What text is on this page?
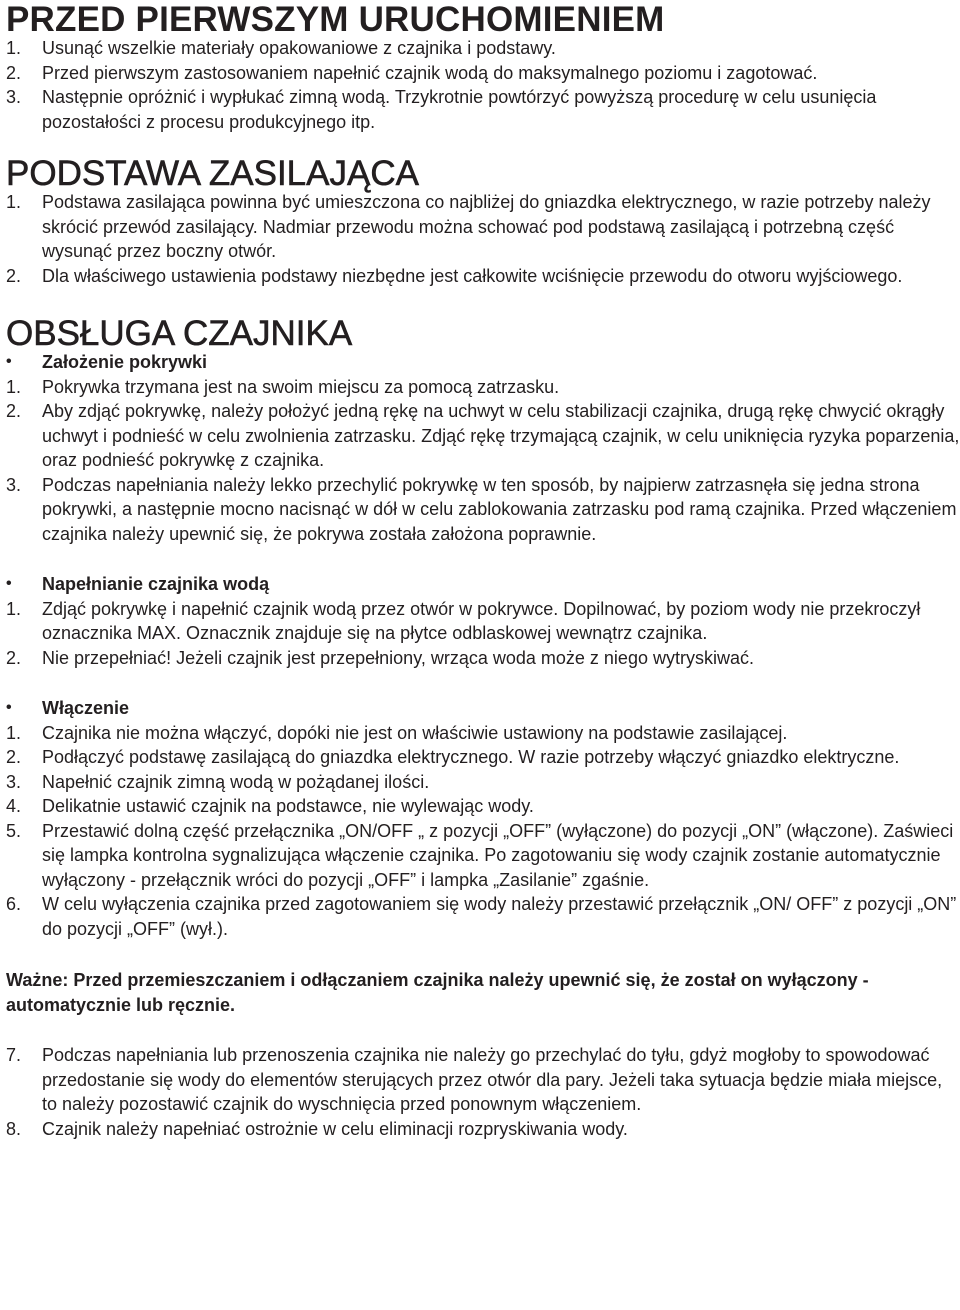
PRZED PIERWSZYM URUCHOMIENIEM
1.	Usunąć wszelkie materiały opakowaniowe z czajnika i podstawy.
2.	Przed pierwszym zastosowaniem napełnić czajnik wodą do maksymalnego poziomu i zagotować.
3.	Następnie opróżnić i wypłukać zimną wodą. Trzykrotnie powtórzyć powyższą procedurę w celu usunięcia pozostałości z procesu produkcyjnego itp.
PODSTAWA ZASILAJĄCA
1.	Podstawa zasilająca powinna być umieszczona co najbliżej do gniazdka elektrycznego, w razie potrzeby należy skrócić przewód zasilający. Nadmiar przewodu można schować pod podstawą zasilającą i potrzebną część wysunąć przez boczny otwór.
2.	Dla właściwego ustawienia podstawy niezbędne jest całkowite wciśnięcie przewodu do otworu wyjściowego.
OBSŁUGA CZAJNIKA
•	Założenie pokrywki
1.	Pokrywka trzymana jest na swoim miejscu za pomocą zatrzasku.
2.	Aby zdjąć pokrywkę, należy położyć jedną rękę na uchwyt w celu stabilizacji czajnika, drugą rękę chwycić okrągły uchwyt i podnieść w celu zwolnienia zatrzasku. Zdjąć rękę trzymającą czajnik, w celu uniknięcia ryzyka poparzenia, oraz podnieść pokrywkę z czajnika.
3.	Podczas napełniania należy lekko przechylić pokrywkę w ten sposób, by najpierw zatrzasnęła się jedna strona pokrywki, a następnie mocno nacisnąć w dół w celu zablokowania zatrzasku pod ramą czajnika. Przed włączeniem czajnika należy upewnić się, że pokrywa została założona poprawnie.
•	Napełnianie czajnika wodą
1.	Zdjąć pokrywkę i napełnić czajnik wodą przez otwór w pokrywce. Dopilnować, by poziom wody nie przekroczył oznacznika MAX. Oznacznik znajduje się na płytce odblaskowej wewnątrz czajnika.
2.	Nie przepełniać! Jeżeli czajnik jest przepełniony, wrząca woda może z niego wytryskiwać.
•	Włączenie
1.	Czajnika nie można włączyć, dopóki nie jest on właściwie ustawiony na podstawie zasilającej.
2.	Podłączyć podstawę zasilającą do gniazdka elektrycznego. W razie potrzeby włączyć gniazdko elektryczne.
3.	Napełnić czajnik zimną wodą w pożądanej ilości.
4.	Delikatnie ustawić czajnik na podstawce, nie wylewając wody.
5.	Przestawić dolną część przełącznika „ON/OFF „ z pozycji „OFF” (wyłączone) do pozycji „ON” (włączone). Zaświeci się lampka kontrolna sygnalizująca włączenie czajnika. Po zagotowaniu się wody czajnik zostanie automatycznie wyłączony - przełącznik wróci do pozycji „OFF” i lampka „Zasilanie” zgaśnie.
6.	W celu wyłączenia czajnika przed zagotowaniem się wody należy przestawić przełącznik „ON/ OFF” z pozycji „ON” do pozycji „OFF” (wył.).
Ważne: Przed przemieszczaniem i odłączaniem czajnika należy upewnić się, że został on wyłączony - automatycznie lub ręcznie.
7.	Podczas napełniania lub przenoszenia czajnika nie należy go przechylać do tyłu, gdyż mogłoby to spowodować przedostanie się wody do elementów sterujących przez otwór dla pary. Jeżeli taka sytuacja będzie miała miejsce, to należy pozostawić czajnik do wyschnięcia przed ponownym włączeniem.
8.	Czajnik należy napełniać ostrożnie w celu eliminacji rozpryskiwania wody.
